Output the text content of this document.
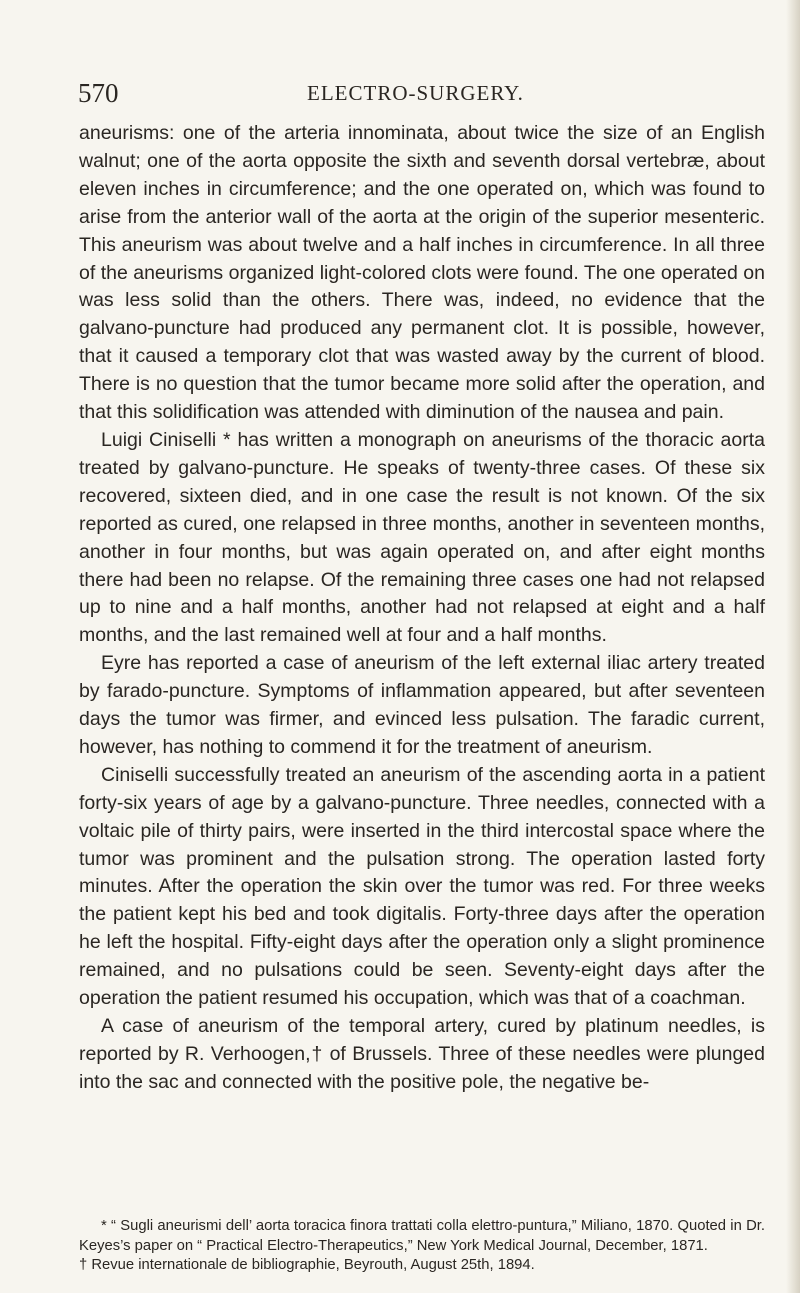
570	ELECTRO-SURGERY.

aneurisms: one of the arteria innominata, about twice the size of an English walnut; one of the aorta opposite the sixth and seventh dorsal vertebræ, about eleven inches in circumference; and the one operated on, which was found to arise from the anterior wall of the aorta at the origin of the superior mesenteric. This aneurism was about twelve and a half inches in circumference. In all three of the aneurisms organized light-colored clots were found. The one operated on was less solid than the others. There was, indeed, no evidence that the galvano-puncture had produced any permanent clot. It is possible, however, that it caused a temporary clot that was wasted away by the current of blood. There is no question that the tumor became more solid after the operation, and that this solidification was attended with diminution of the nausea and pain.

Luigi Ciniselli * has written a monograph on aneurisms of the thoracic aorta treated by galvano-puncture. He speaks of twenty-three cases. Of these six recovered, sixteen died, and in one case the result is not known. Of the six reported as cured, one relapsed in three months, another in seventeen months, another in four months, but was again operated on, and after eight months there had been no relapse. Of the remaining three cases one had not relapsed up to nine and a half months, another had not relapsed at eight and a half months, and the last remained well at four and a half months.

Eyre has reported a case of aneurism of the left external iliac artery treated by farado-puncture. Symptoms of inflammation appeared, but after seventeen days the tumor was firmer, and evinced less pulsation. The faradic current, however, has nothing to commend it for the treatment of aneurism.

Ciniselli successfully treated an aneurism of the ascending aorta in a patient forty-six years of age by a galvano-puncture. Three needles, connected with a voltaic pile of thirty pairs, were inserted in the third intercostal space where the tumor was prominent and the pulsation strong. The operation lasted forty minutes. After the operation the skin over the tumor was red. For three weeks the patient kept his bed and took digitalis. Forty-three days after the operation he left the hospital. Fifty-eight days after the operation only a slight prominence remained, and no pulsations could be seen. Seventy-eight days after the operation the patient resumed his occupation, which was that of a coachman.

A case of aneurism of the temporal artery, cured by platinum needles, is reported by R. Verhoogen,† of Brussels. Three of these needles were plunged into the sac and connected with the positive pole, the negative be-

* “ Sugli aneurismi dell’ aorta toracica finora trattati colla elettro-puntura,” Miliano, 1870. Quoted in Dr. Keyes’s paper on “ Practical Electro-Therapeutics,” New York Medical Journal, December, 1871.

† Revue internationale de bibliographie, Beyrouth, August 25th, 1894.
